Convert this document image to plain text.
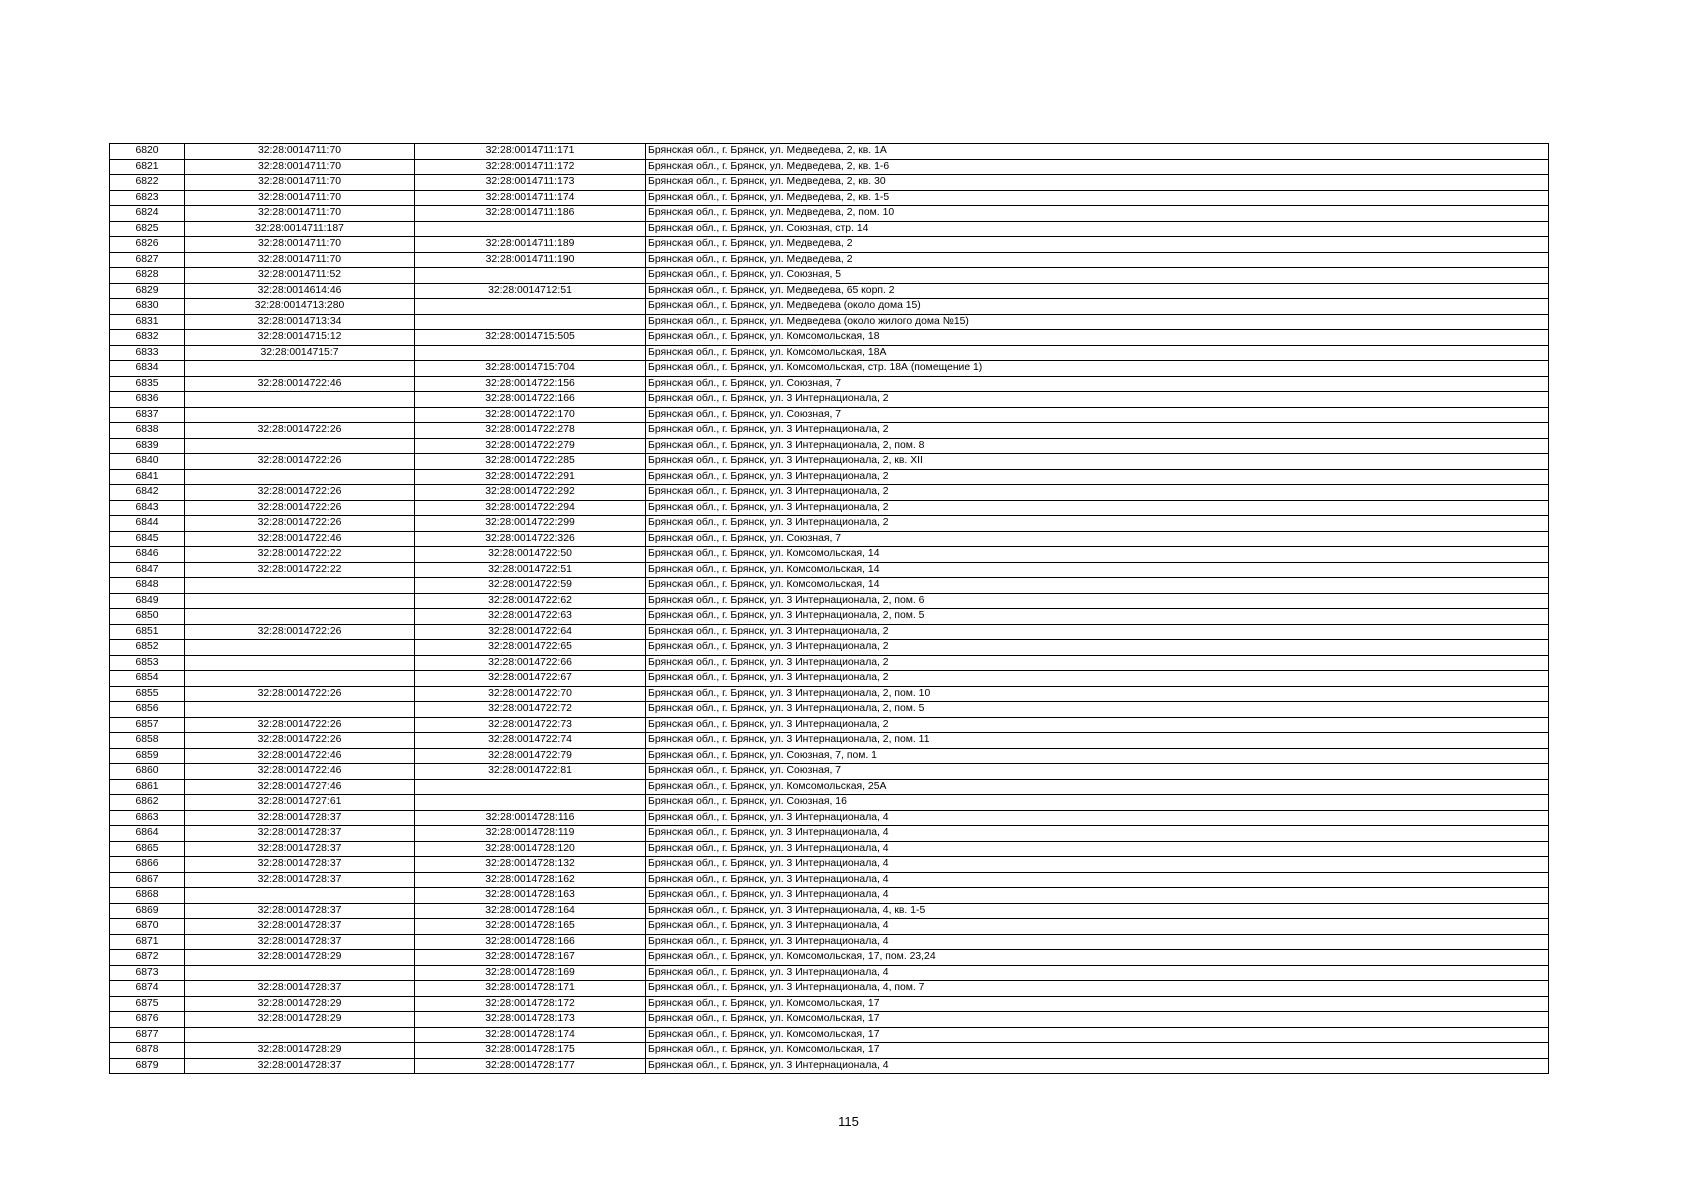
6820	32:28:0014711:70	32:28:0014711:171	Брянская обл., г. Брянск, ул. Медведева, 2, кв. 1А
6821	32:28:0014711:70	32:28:0014711:172	Брянская обл., г. Брянск, ул. Медведева, 2, кв. 1-6
6822	32:28:0014711:70	32:28:0014711:173	Брянская обл., г. Брянск, ул. Медведева, 2, кв. 30
6823	32:28:0014711:70	32:28:0014711:174	Брянская обл., г. Брянск, ул. Медведева, 2, кв. 1-5
6824	32:28:0014711:70	32:28:0014711:186	Брянская обл., г. Брянск, ул. Медведева, 2, пом. 10
6825	32:28:0014711:187		Брянская обл., г. Брянск, ул. Союзная, стр. 14
6826	32:28:0014711:70	32:28:0014711:189	Брянская обл., г. Брянск, ул. Медведева, 2
6827	32:28:0014711:70	32:28:0014711:190	Брянская обл., г. Брянск, ул. Медведева, 2
6828	32:28:0014711:52		Брянская обл., г. Брянск, ул. Союзная, 5
6829	32:28:0014614:46	32:28:0014712:51	Брянская обл., г. Брянск, ул. Медведева, 65 корп. 2
6830	32:28:0014713:280		Брянская обл., г. Брянск, ул. Медведева (около дома 15)
6831	32:28:0014713:34		Брянская обл., г. Брянск, ул. Медведева (около жилого дома №15)
6832	32:28:0014715:12	32:28:0014715:505	Брянская обл., г. Брянск, ул. Комсомольская, 18
6833	32:28:0014715:7		Брянская обл., г. Брянск, ул. Комсомольская, 18А
6834		32:28:0014715:704	Брянская обл., г. Брянск, ул. Комсомольская, стр. 18А (помещение 1)
6835	32:28:0014722:46	32:28:0014722:156	Брянская обл., г. Брянск, ул. Союзная, 7
6836		32:28:0014722:166	Брянская обл., г. Брянск, ул. 3 Интернационала, 2
6837		32:28:0014722:170	Брянская обл., г. Брянск, ул. Союзная, 7
6838	32:28:0014722:26	32:28:0014722:278	Брянская обл., г. Брянск, ул. 3 Интернационала, 2
6839		32:28:0014722:279	Брянская обл., г. Брянск, ул. 3 Интернационала, 2, пом. 8
6840	32:28:0014722:26	32:28:0014722:285	Брянская обл., г. Брянск, ул. 3 Интернационала, 2, кв. XII
6841		32:28:0014722:291	Брянская обл., г. Брянск, ул. 3 Интернационала, 2
6842	32:28:0014722:26	32:28:0014722:292	Брянская обл., г. Брянск, ул. 3 Интернационала, 2
6843	32:28:0014722:26	32:28:0014722:294	Брянская обл., г. Брянск, ул. 3 Интернационала, 2
6844	32:28:0014722:26	32:28:0014722:299	Брянская обл., г. Брянск, ул. 3 Интернационала, 2
6845	32:28:0014722:46	32:28:0014722:326	Брянская обл., г. Брянск, ул. Союзная, 7
6846	32:28:0014722:22	32:28:0014722:50	Брянская обл., г. Брянск, ул. Комсомольская, 14
6847	32:28:0014722:22	32:28:0014722:51	Брянская обл., г. Брянск, ул. Комсомольская, 14
6848		32:28:0014722:59	Брянская обл., г. Брянск, ул. Комсомольская, 14
6849		32:28:0014722:62	Брянская обл., г. Брянск, ул. 3 Интернационала, 2, пом. 6
6850		32:28:0014722:63	Брянская обл., г. Брянск, ул. 3 Интернационала, 2, пом. 5
6851	32:28:0014722:26	32:28:0014722:64	Брянская обл., г. Брянск, ул. 3 Интернационала, 2
6852		32:28:0014722:65	Брянская обл., г. Брянск, ул. 3 Интернационала, 2
6853		32:28:0014722:66	Брянская обл., г. Брянск, ул. 3 Интернационала, 2
6854		32:28:0014722:67	Брянская обл., г. Брянск, ул. 3 Интернационала, 2
6855	32:28:0014722:26	32:28:0014722:70	Брянская обл., г. Брянск, ул. 3 Интернационала, 2, пом. 10
6856		32:28:0014722:72	Брянская обл., г. Брянск, ул. 3 Интернационала, 2, пом. 5
6857	32:28:0014722:26	32:28:0014722:73	Брянская обл., г. Брянск, ул. 3 Интернационала, 2
6858	32:28:0014722:26	32:28:0014722:74	Брянская обл., г. Брянск, ул. 3 Интернационала, 2, пом. 11
6859	32:28:0014722:46	32:28:0014722:79	Брянская обл., г. Брянск, ул. Союзная, 7, пом. 1
6860	32:28:0014722:46	32:28:0014722:81	Брянская обл., г. Брянск, ул. Союзная, 7
6861	32:28:0014727:46		Брянская обл., г. Брянск, ул. Комсомольская, 25А
6862	32:28:0014727:61		Брянская обл., г. Брянск, ул. Союзная, 16
6863	32:28:0014728:37	32:28:0014728:116	Брянская обл., г. Брянск, ул. 3 Интернационала, 4
6864	32:28:0014728:37	32:28:0014728:119	Брянская обл., г. Брянск, ул. 3 Интернационала, 4
6865	32:28:0014728:37	32:28:0014728:120	Брянская обл., г. Брянск, ул. 3 Интернационала, 4
6866	32:28:0014728:37	32:28:0014728:132	Брянская обл., г. Брянск, ул. 3 Интернационала, 4
6867	32:28:0014728:37	32:28:0014728:162	Брянская обл., г. Брянск, ул. 3 Интернационала, 4
6868		32:28:0014728:163	Брянская обл., г. Брянск, ул. 3 Интернационала, 4
6869	32:28:0014728:37	32:28:0014728:164	Брянская обл., г. Брянск, ул. 3 Интернационала, 4, кв. 1-5
6870	32:28:0014728:37	32:28:0014728:165	Брянская обл., г. Брянск, ул. 3 Интернационала, 4
6871	32:28:0014728:37	32:28:0014728:166	Брянская обл., г. Брянск, ул. 3 Интернационала, 4
6872	32:28:0014728:29	32:28:0014728:167	Брянская обл., г. Брянск, ул. Комсомольская, 17, пом. 23,24
6873		32:28:0014728:169	Брянская обл., г. Брянск, ул. 3 Интернационала, 4
6874	32:28:0014728:37	32:28:0014728:171	Брянская обл., г. Брянск, ул. 3 Интернационала, 4, пом. 7
6875	32:28:0014728:29	32:28:0014728:172	Брянская обл., г. Брянск, ул. Комсомольская, 17
6876	32:28:0014728:29	32:28:0014728:173	Брянская обл., г. Брянск, ул. Комсомольская, 17
6877		32:28:0014728:174	Брянская обл., г. Брянск, ул. Комсомольская, 17
6878	32:28:0014728:29	32:28:0014728:175	Брянская обл., г. Брянск, ул. Комсомольская, 17
6879	32:28:0014728:37	32:28:0014728:177	Брянская обл., г. Брянск, ул. 3 Интернационала, 4
115
